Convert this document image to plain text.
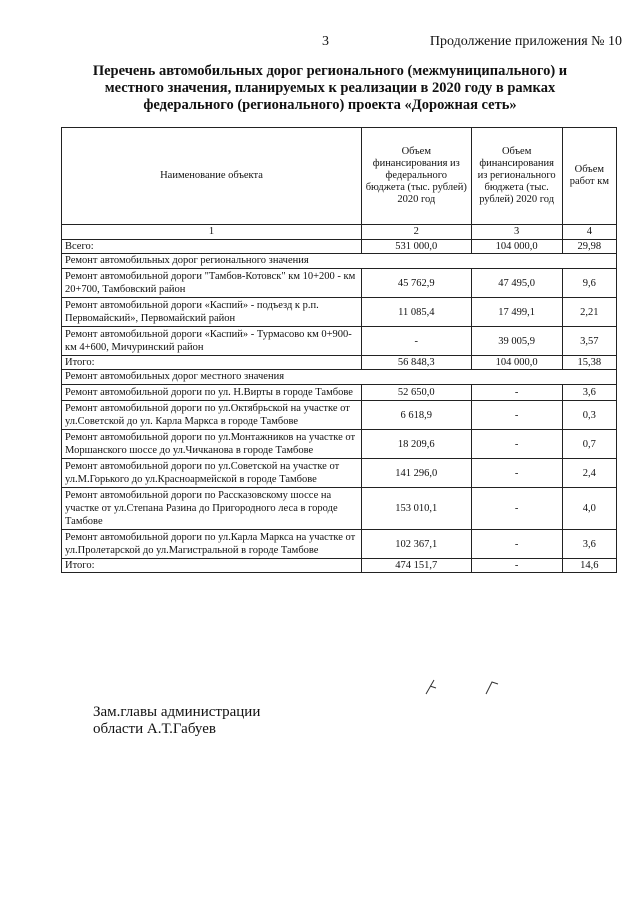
3	Продолжение приложения № 10
Перечень автомобильных дорог регионального (межмуниципального) и местного значения, планируемых к реализации в 2020 году в рамках федерального (регионального) проекта «Дорожная сеть»
Наименование объекта	Объем финансирования из федерального бюджета (тыс. рублей) 2020 год	Объем финансирования из регионального бюджета (тыс. рублей) 2020 год	Объем работ км
1	2	3	4
Всего:	531 000,0	104 000,0	29,98
Ремонт автомобильных дорог регионального значения			
Ремонт автомобильной дороги "Тамбов-Котовск" км 10+200 - км 20+700, Тамбовский район	45 762,9	47 495,0	9,6
Ремонт автомобильной дороги «Каспий» - подъезд к р.п. Первомайский», Первомайский район	11 085,4	17 499,1	2,21
Ремонт автомобильной дороги «Каспий» - Турмасово км 0+900- км 4+600, Мичуринский район	-	39 005,9	3,57
Итого:	56 848,3	104 000,0	15,38
Ремонт автомобильных дорог местного значения			
Ремонт автомобильной дороги по ул. Н.Вирты в городе Тамбове	52 650,0	-	3,6
Ремонт автомобильной дороги по ул.Октябрьской на участке от ул.Советской до ул. Карла Маркса в городе Тамбове	6 618,9	-	0,3
Ремонт автомобильной дороги по ул.Монтажников на участке от Моршанского шоссе до ул.Чичканова в городе Тамбове	18 209,6	-	0,7
Ремонт автомобильной дороги по ул.Советской на участке от ул.М.Горького до ул.Красноармейской в городе Тамбове	141 296,0	-	2,4
Ремонт автомобильной дороги по Рассказовскому шоссе на участке от ул.Степана Разина до Пригородного леса в городе Тамбове	153 010,1	-	4,0
Ремонт автомобильной дороги по ул.Карла Маркса на участке от ул.Пролетарской до ул.Магистральной в городе Тамбове	102 367,1	-	3,6
Итого:	474 151,7	-	14,6
Зам.главы администрации
области А.Т.Габуев
